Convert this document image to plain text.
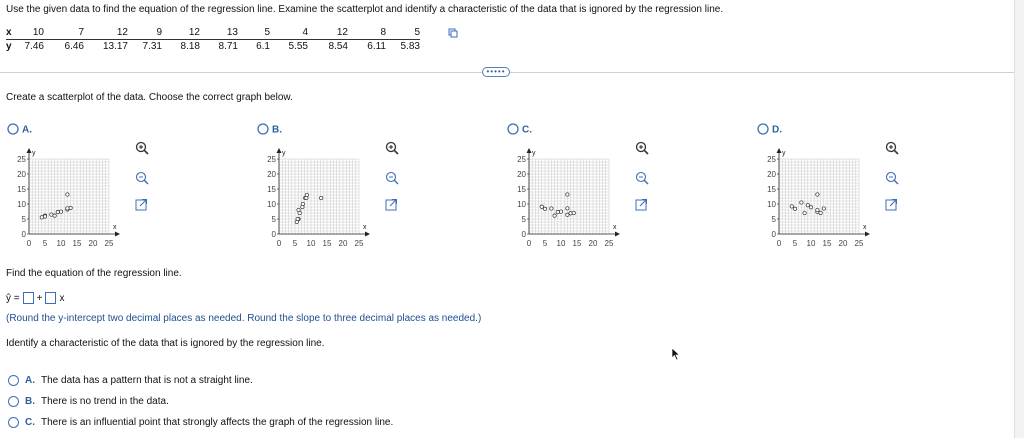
Use the given data to find the equation of the regression line. Examine the scatterplot and identify a characteristic of the data that is ignored by the regression line.
x	10	7	12	9	12	13	5	4	12	8	5
y	7.46	6.46	13.17	7.31	8.18	8.71	6.1	5.55	8.54	6.11	5.83
•••••
Create a scatterplot of the data. Choose the correct graph below.
A.
y
x
0
5
10
15
20
25
0 5 10 15 20 25
B.
y
x
0
5
10
15
20
25
0 5 10 15 20 25
C.
y
x
0
5
10
15
20
25
0 5 10 15 20 25
D.
y
x
0
5
10
15
20
25
0 5 10 15 20 25
Find the equation of the regression line.
ŷ = + x
(Round the y-intercept two decimal places as needed. Round the slope to three decimal places as needed.)
Identify a characteristic of the data that is ignored by the regression line.
A. The data has a pattern that is not a straight line.
B. There is no trend in the data.
C. There is an influential point that strongly affects the graph of the regression line.
